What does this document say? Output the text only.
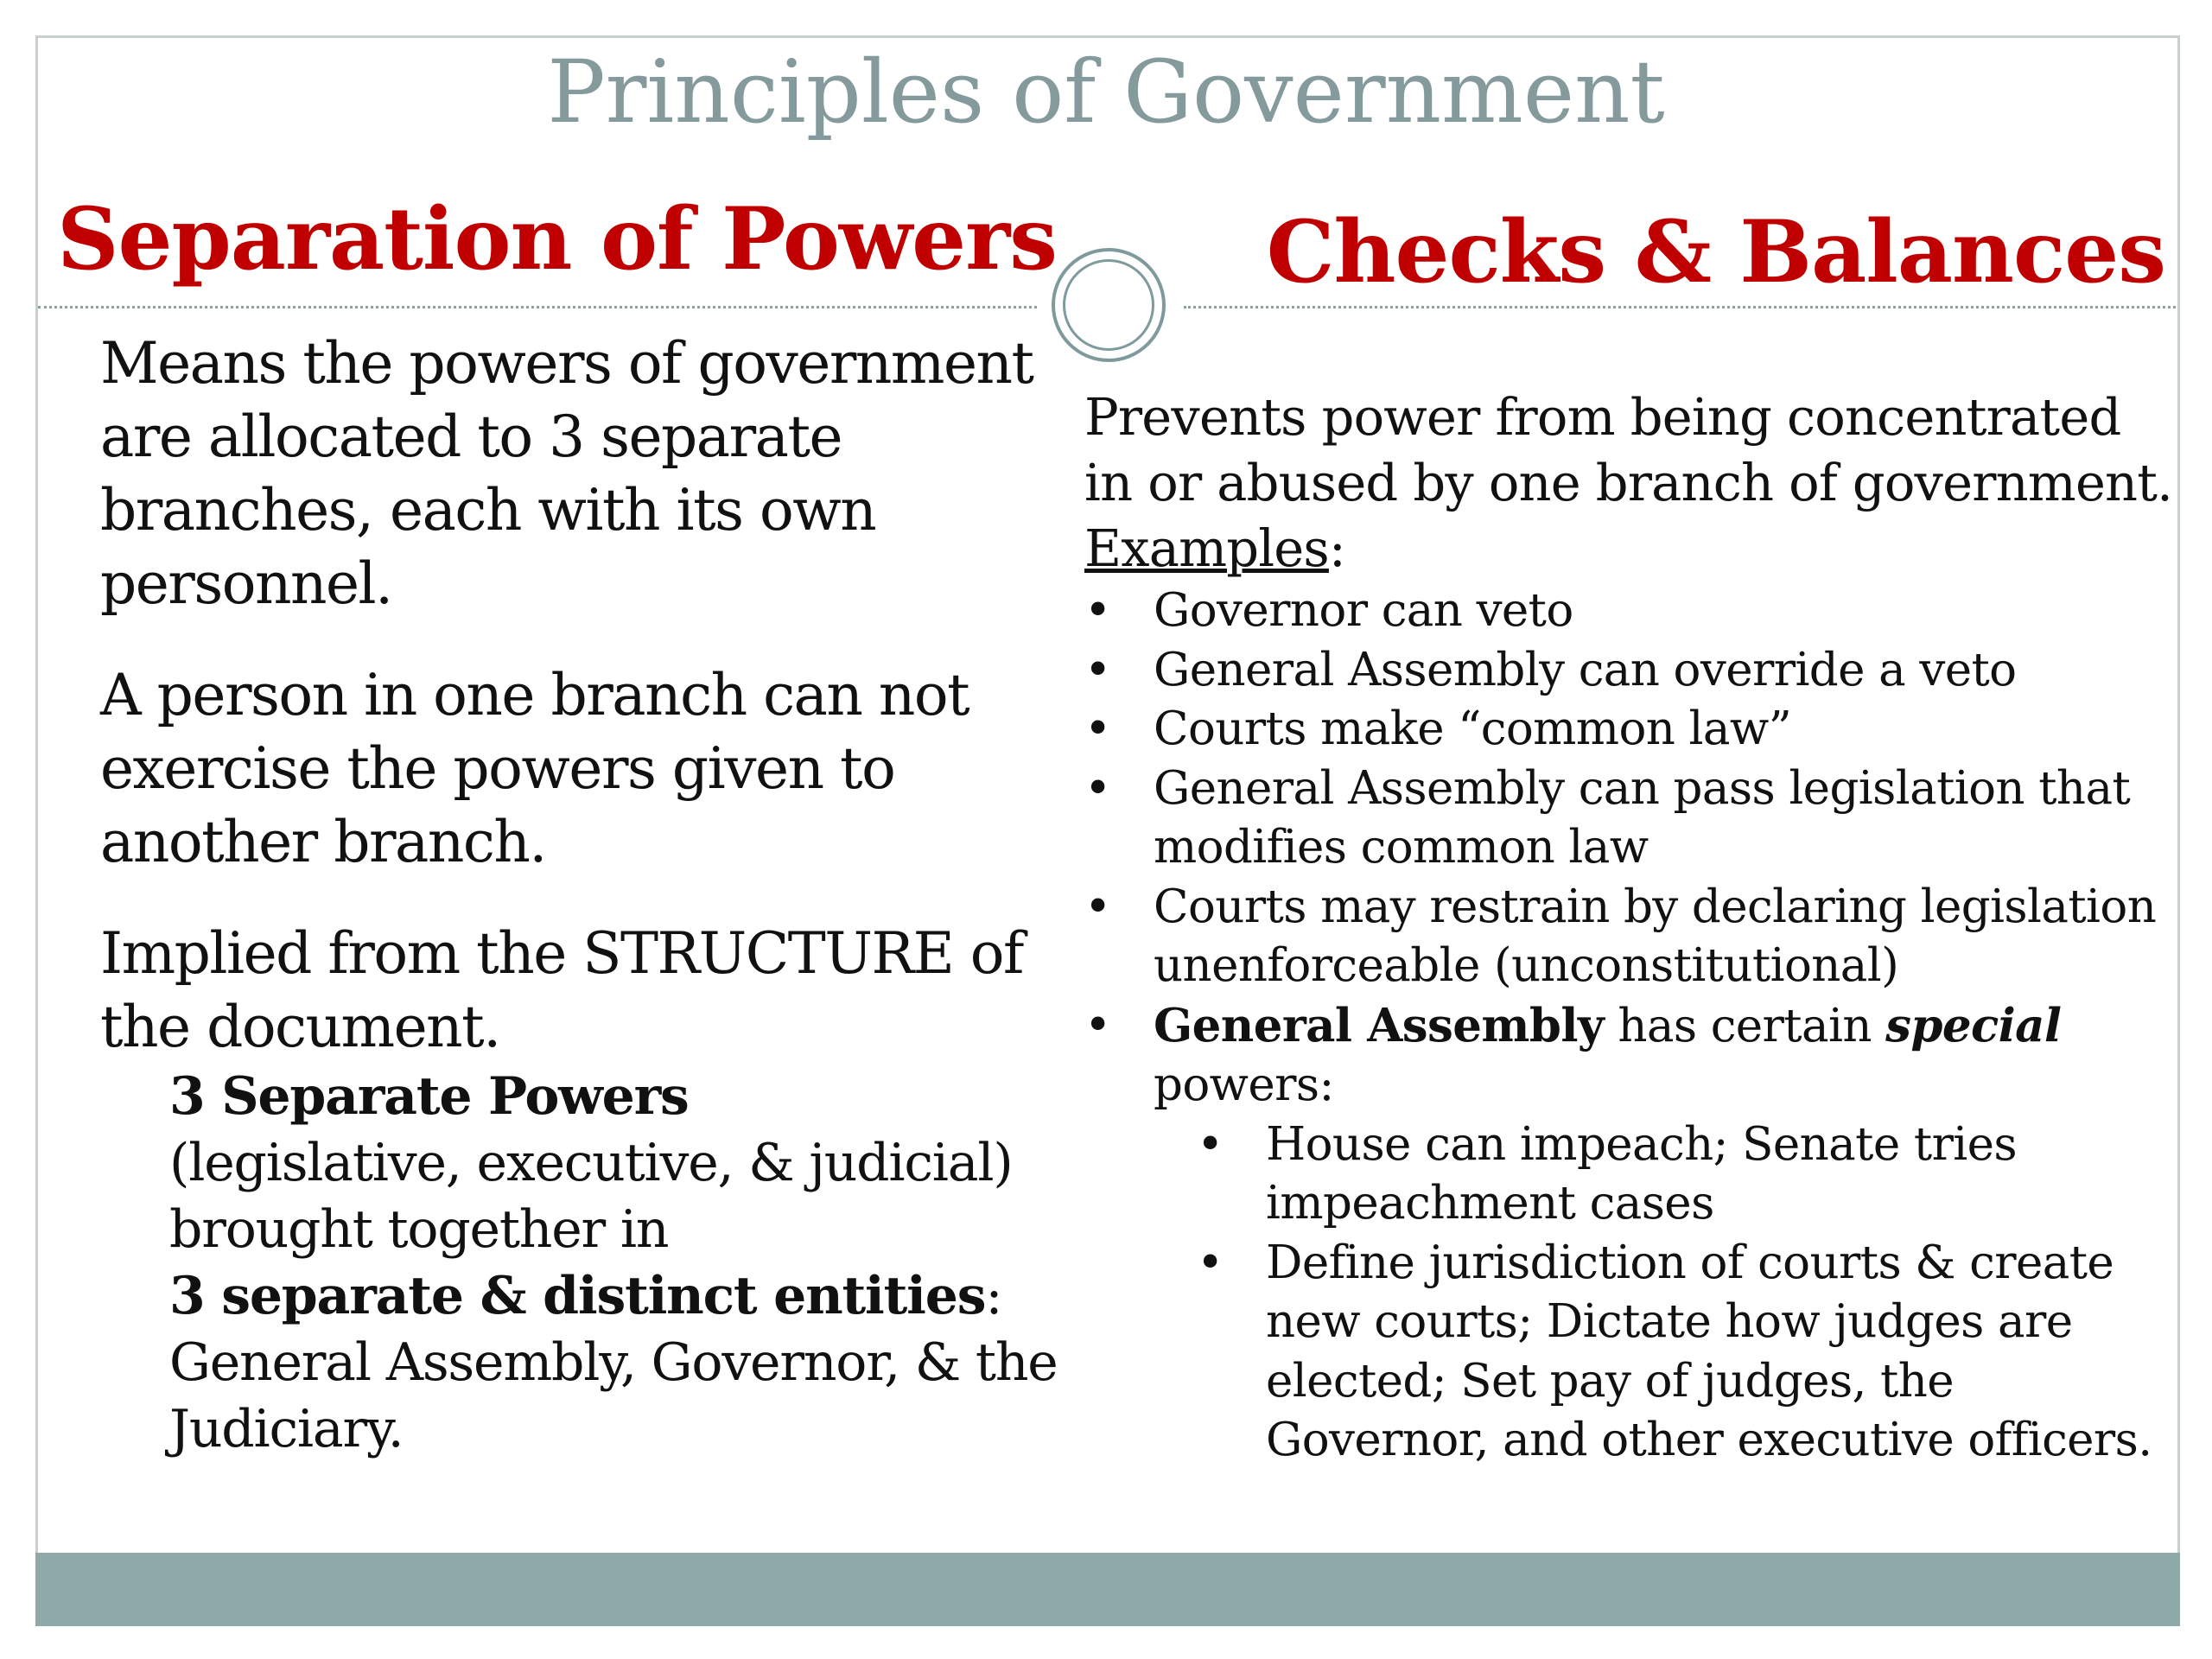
Principles of Government
Separation of Powers Checks & Balances

Means the powers of government are allocated to 3 separate branches, each with its own personnel.

A person in one branch can not exercise the powers given to another branch.

Implied from the STRUCTURE of the document.

3 Separate Powers
(legislative, executive, & judicial) brought together in
3 separate & distinct entities:
General Assembly, Governor, & the Judiciary.

Prevents power from being concentrated in or abused by one branch of government.

Examples:
• Governor can veto
• General Assembly can override a veto
• Courts make “common law”
• General Assembly can pass legislation that modifies common law
• Courts may restrain by declaring legislation unenforceable (unconstitutional)
• General Assembly has certain special powers:
• House can impeach; Senate tries impeachment cases
• Define jurisdiction of courts & create new courts; Dictate how judges are elected; Set pay of judges, the Governor, and other executive officers.
